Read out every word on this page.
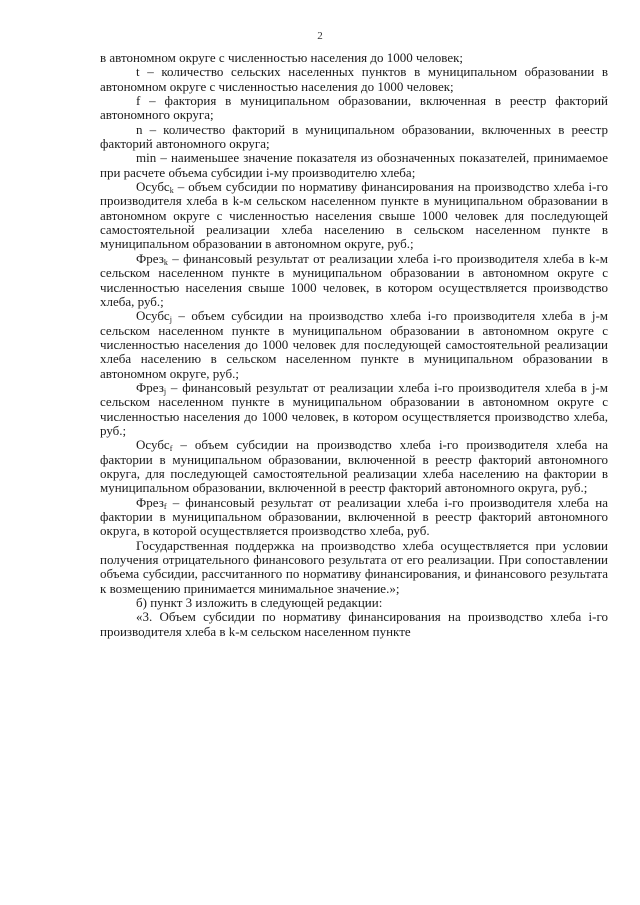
2

в автономном округе с численностью населения до 1000 человек;

t – количество сельских населенных пунктов в муниципальном образовании в автономном округе с численностью населения до 1000 человек;

f – фактория в муниципальном образовании, включенная в реестр факторий автономного округа;

n – количество факторий в муниципальном образовании, включенных в реестр факторий автономного округа;

min – наименьшее значение показателя из обозначенных показателей, принимаемое при расчете объема субсидии i-му производителю хлеба;

Осубс$_k$ – объем субсидии по нормативу финансирования на производство хлеба i-го производителя хлеба в k-м сельском населенном пункте в муниципальном образовании в автономном округе с численностью населения свыше 1000 человек для последующей самостоятельной реализации хлеба населению в сельском населенном пункте в муниципальном образовании в автономном округе, руб.;

Фрез$_k$ – финансовый результат от реализации хлеба i-го производителя хлеба в k-м сельском населенном пункте в муниципальном образовании в автономном округе с численностью населения свыше 1000 человек, в котором осуществляется производство хлеба, руб.;

Осубс$_j$ – объем субсидии на производство хлеба i-го производителя хлеба в j-м сельском населенном пункте в муниципальном образовании в автономном округе с численностью населения до 1000 человек для последующей самостоятельной реализации хлеба населению в сельском населенном пункте в муниципальном образовании в автономном округе, руб.;

Фрез$_j$ – финансовый результат от реализации хлеба i-го производителя хлеба в j-м сельском населенном пункте в муниципальном образовании в автономном округе с численностью населения до 1000 человек, в котором осуществляется производство хлеба, руб.;

Осубс$_f$ – объем субсидии на производство хлеба i-го производителя хлеба на фактории в муниципальном образовании, включенной в реестр факторий автономного округа, для последующей самостоятельной реализации хлеба населению на фактории в муниципальном образовании, включенной в реестр факторий автономного округа, руб.;

Фрез$_f$ – финансовый результат от реализации хлеба i-го производителя хлеба на фактории в муниципальном образовании, включенной в реестр факторий автономного округа, в которой осуществляется производство хлеба, руб.

Государственная поддержка на производство хлеба осуществляется при условии получения отрицательного финансового результата от его реализации. При сопоставлении объема субсидии, рассчитанного по нормативу финансирования, и финансового результата к возмещению принимается минимальное значение.»;

б) пункт 3 изложить в следующей редакции:

«3. Объем субсидии по нормативу финансирования на производство хлеба i-го производителя хлеба в k-м сельском населенном пункте
